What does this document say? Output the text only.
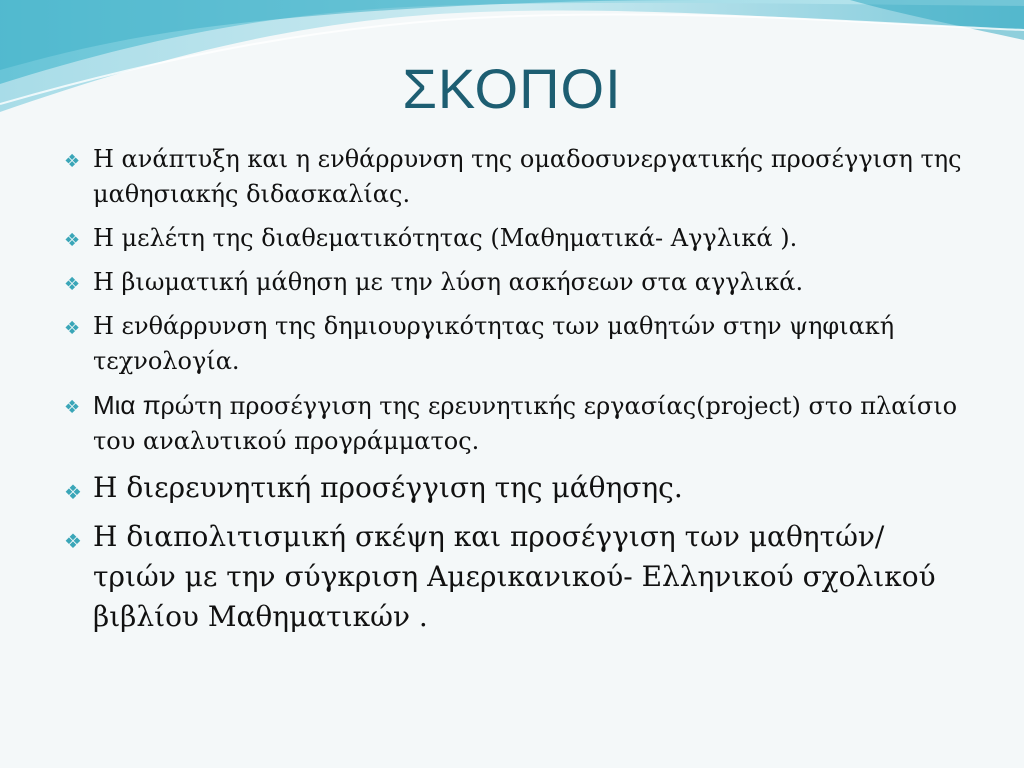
ΣΚΟΠΟΙ
❖ Η ανάπτυξη και η ενθάρρυνση της ομαδοσυνεργατικής προσέγγιση της μαθησιακής διδασκαλίας.
❖ Η μελέτη της διαθεματικότητας (Μαθηματικά- Αγγλικά ).
❖ Η βιωματική μάθηση με την λύση ασκήσεων στα αγγλικά.
❖ Η ενθάρρυνση της δημιουργικότητας των μαθητών στην ψηφιακή τεχνολογία.
❖ Μια πρώτη προσέγγιση της ερευνητικής εργασίας(project) στο πλαίσιο του αναλυτικού προγράμματος.
❖ Η διερευνητική προσέγγιση της μάθησης.
❖ Η διαπολιτισμική σκέψη και προσέγγιση των μαθητών/τριών με την σύγκριση Αμερικανικού- Ελληνικού σχολικού βιβλίου Μαθηματικών .
